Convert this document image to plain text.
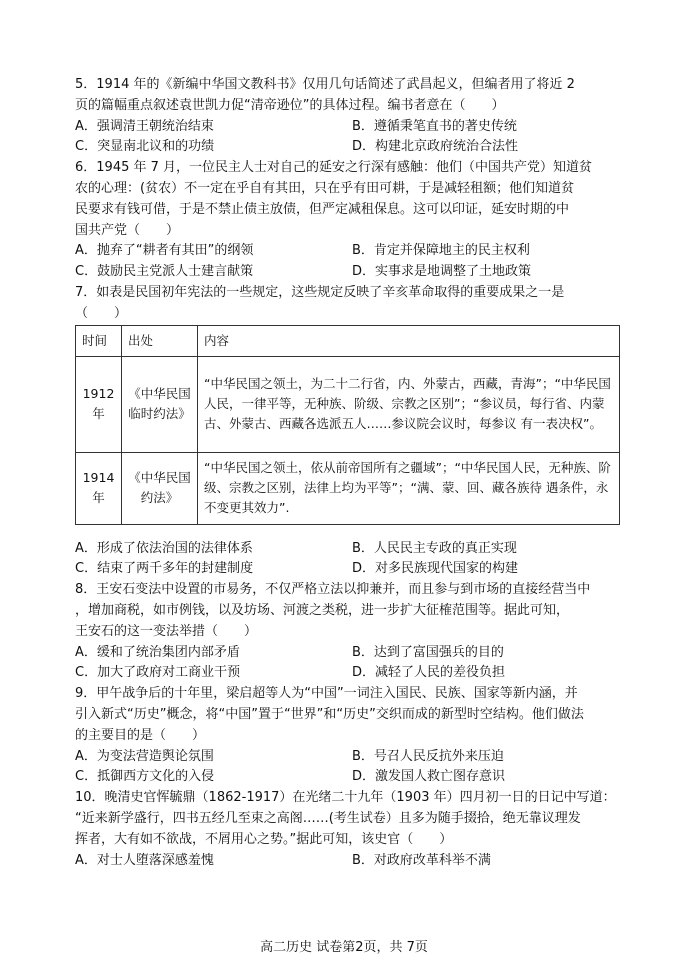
5．1914 年的《新编中华国文教科书》仅用几句话简述了武昌起义，但编者用了将近 2
页的篇幅重点叙述袁世凯力促“清帝逊位”的具体过程。编书者意在（　　）
A．强调清王朝统治结束	B．遵循秉笔直书的著史传统
C．突显南北议和的功绩	D．构建北京政府统治合法性
6．1945 年 7 月，一位民主人士对自己的延安之行深有感触：他们（中国共产党）知道贫
农的心理：(贫农）不一定在乎自有其田，只在乎有田可耕，于是减轻租额；他们知道贫
民要求有钱可借，于是不禁止债主放债，但严定减租保息。这可以印证，延安时期的中
国共产党（　　）
A．抛弃了“耕者有其田”的纲领	B．肯定并保障地主的民主权利
C．鼓励民主党派人士建言献策	D．实事求是地调整了土地政策
7．如表是民国初年宪法的一些规定，这些规定反映了辛亥革命取得的重要成果之一是
（　　）
时间	出处	内容
1912年	《中华民国临时约法》	“中华民国之领土，为二十二行省，内、外蒙古，西藏，青海”；“中华民国人民，一律平等，无种族、阶级、宗教之区别”；“参议员，每行省、内蒙古、外蒙古、西藏各选派五人……参议院会议时，每参议 有一表决权”。
1914年	《中华民国约法》	“中华民国之领土，依从前帝国所有之疆域”；“中华民国人民，无种族、阶级、宗教之区别，法律上均为平等”；“满、蒙、回、藏各族待 遇条件，永不变更其效力”.
A．形成了依法治国的法律体系	B．人民民主专政的真正实现
C．结束了两千多年的封建制度	D．对多民族现代国家的构建
8．王安石变法中设置的市易务，不仅严格立法以抑兼并，而且参与到市场的直接经营当中
，增加商税，如市例钱，以及坊场、河渡之类税，进一步扩大征榷范围等。据此可知，
王安石的这一变法举措（　　）
A．缓和了统治集团内部矛盾	B．达到了富国强兵的目的
C．加大了政府对工商业干预	D．减轻了人民的差役负担
9．甲午战争后的十年里，梁启超等人为“中国”一词注入国民、民族、国家等新内涵，并
引入新式“历史”概念，将“中国”置于“世界”和“历史”交织而成的新型时空结构。他们做法
的主要目的是（　　）
A．为变法营造舆论氛围	B．号召人民反抗外来压迫
C．抵御西方文化的入侵	D．激发国人救亡图存意识
10．晚清史官恽毓鼎（1862-1917）在光绪二十九年（1903 年）四月初一日的日记中写道：
“近来新学盛行，四书五经几至束之高阁……(考生试卷）且多为随手掇拾，绝无靠议理发
挥者，大有如不欲战，不屑用心之势。”据此可知，该史官（　　）
A．对士人堕落深感羞愧	B．对政府改革科举不满
高二历史 试卷第2页，共 7页
